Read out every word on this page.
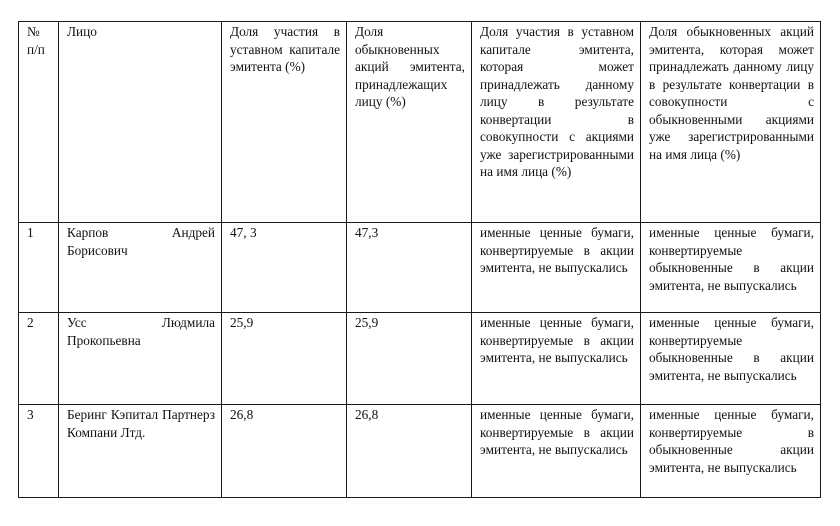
№ п/п	Лицо	Доля участия в уставном капитале эмитента (%)	Доля обыкновенных акций эмитента, принадлежащих лицу (%)	Доля участия в уставном капитале эмитента, которая может принадлежать данному лицу в результате конвертации в совокупности с акциями уже зарегистрированными на имя лица (%)	Доля обыкновенных акций эмитента, которая может принадлежать данному лицу в результате конвертации в совокупности с обыкновенными акциями уже зарегистрированными на имя лица (%)
1	Карпов Андрей Борисович	47, 3	47,3	именные ценные бумаги, конвертируемые в акции эмитента, не выпускались	именные ценные бумаги, конвертируемые обыкновенные в акции эмитента, не выпускались
2	Усс Людмила Прокопьевна	25,9	25,9	именные ценные бумаги, конвертируемые в акции эмитента, не выпускались	именные ценные бумаги, конвертируемые обыкновенные в акции эмитента, не выпускались
3	Беринг Кэпитал Партнерз Компани Лтд.	26,8	26,8	именные ценные бумаги, конвертируемые в акции эмитента, не выпускались	именные ценные бумаги, конвертируемые в обыкновенные акции эмитента, не выпускались
